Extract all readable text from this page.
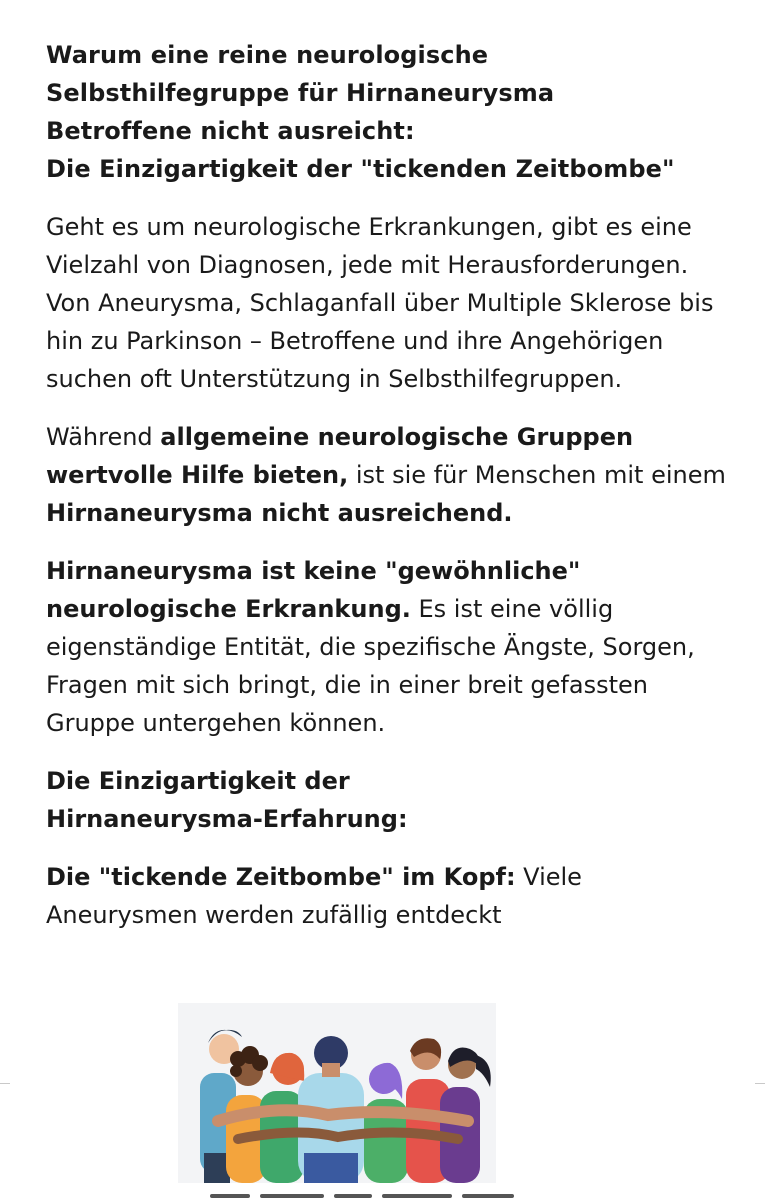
Warum eine reine neurologische
Selbsthilfegruppe für Hirnaneurysma
Betroffene nicht ausreicht:
Die Einzigartigkeit der "tickenden Zeitbombe"

Geht es um neurologische Erkrankungen, gibt es eine Vielzahl von Diagnosen, jede mit Herausforderungen. Von Aneurysma, Schlaganfall über Multiple Sklerose bis hin zu Parkinson – Betroffene und ihre Angehörigen suchen oft Unterstützung in Selbsthilfegruppen.

Während allgemeine neurologische Gruppen wertvolle Hilfe bieten, ist sie für Menschen mit einem Hirnaneurysma nicht ausreichend.

Hirnaneurysma ist keine "gewöhnliche" neurologische Erkrankung. Es ist eine völlig eigenständige Entität, die spezifische Ängste, Sorgen, Fragen mit sich bringt, die in einer breit gefassten Gruppe untergehen können.

Die Einzigartigkeit der
Hirnaneurysma-Erfahrung:

Die "tickende Zeitbombe" im Kopf: Viele Aneurysmen werden zufällig entdeckt
